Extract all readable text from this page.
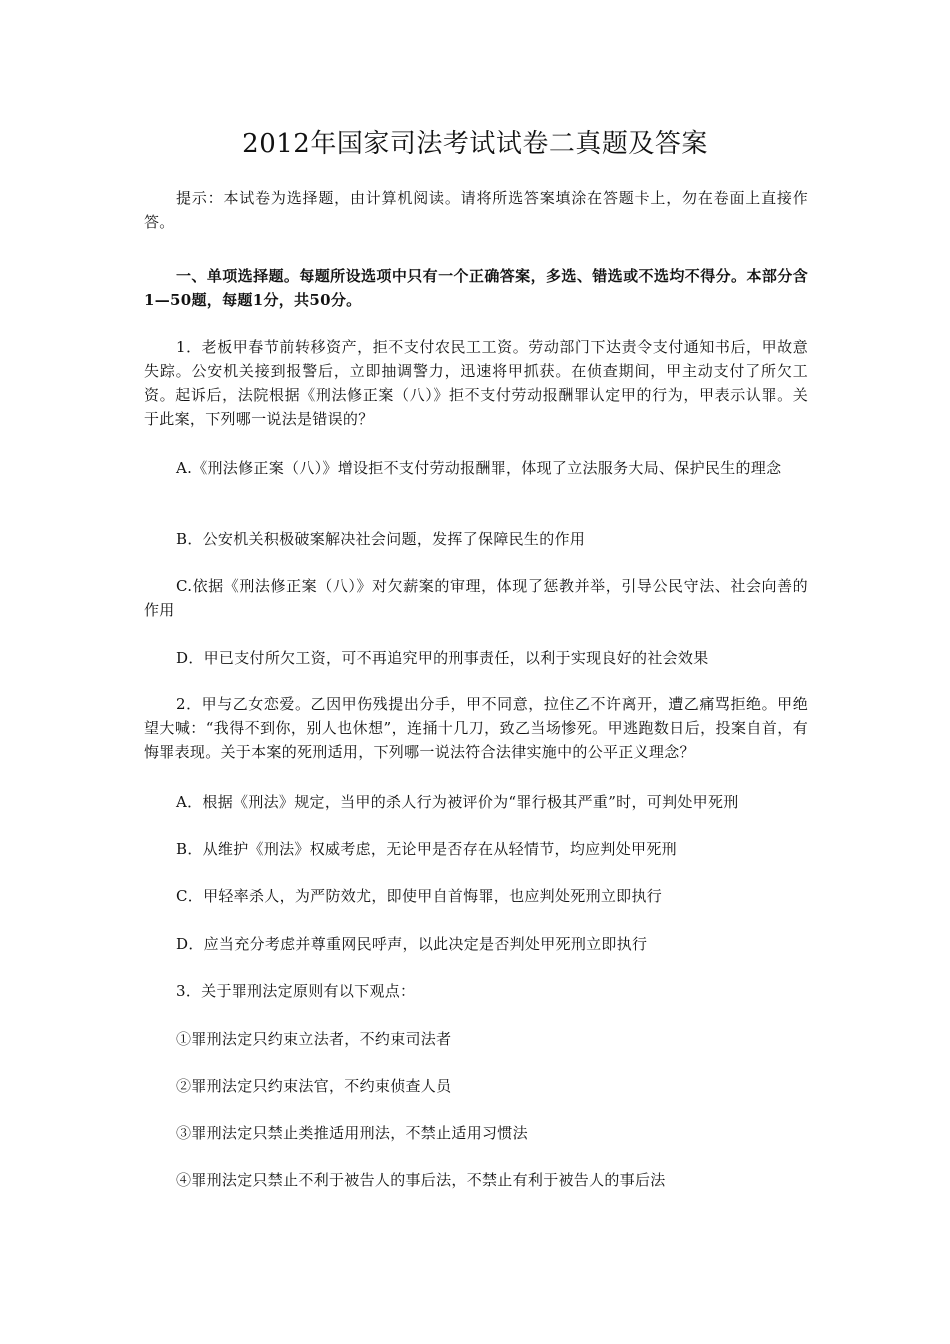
2012年国家司法考试试卷二真题及答案
提示：本试卷为选择题，由计算机阅读。请将所选答案填涂在答题卡上，勿在卷面上直接作答。
一、单项选择题。每题所设选项中只有一个正确答案，多选、错选或不选均不得分。本部分含1—50题，每题1分，共50分。
1．老板甲春节前转移资产，拒不支付农民工工资。劳动部门下达责令支付通知书后，甲故意失踪。公安机关接到报警后，立即抽调警力，迅速将甲抓获。在侦查期间，甲主动支付了所欠工资。起诉后，法院根据《刑法修正案（八）》拒不支付劳动报酬罪认定甲的行为，甲表示认罪。关于此案，下列哪一说法是错误的？
A.《刑法修正案（八）》增设拒不支付劳动报酬罪，体现了立法服务大局、保护民生的理念
B．公安机关积极破案解决社会问题，发挥了保障民生的作用
C.依据《刑法修正案（八）》对欠薪案的审理，体现了惩教并举，引导公民守法、社会向善的作用
D．甲已支付所欠工资，可不再追究甲的刑事责任，以利于实现良好的社会效果
2．甲与乙女恋爱。乙因甲伤残提出分手，甲不同意，拉住乙不许离开，遭乙痛骂拒绝。甲绝望大喊：“我得不到你，别人也休想”，连捅十几刀，致乙当场惨死。甲逃跑数日后，投案自首，有悔罪表现。关于本案的死刑适用，下列哪一说法符合法律实施中的公平正义理念？
A．根据《刑法》规定，当甲的杀人行为被评价为“罪行极其严重”时，可判处甲死刑
B．从维护《刑法》权威考虑，无论甲是否存在从轻情节，均应判处甲死刑
C．甲轻率杀人，为严防效尤，即使甲自首悔罪，也应判处死刑立即执行
D．应当充分考虑并尊重网民呼声，以此决定是否判处甲死刑立即执行
3．关于罪刑法定原则有以下观点：
①罪刑法定只约束立法者，不约束司法者
②罪刑法定只约束法官，不约束侦查人员
③罪刑法定只禁止类推适用刑法，不禁止适用习惯法
④罪刑法定只禁止不利于被告人的事后法，不禁止有利于被告人的事后法
